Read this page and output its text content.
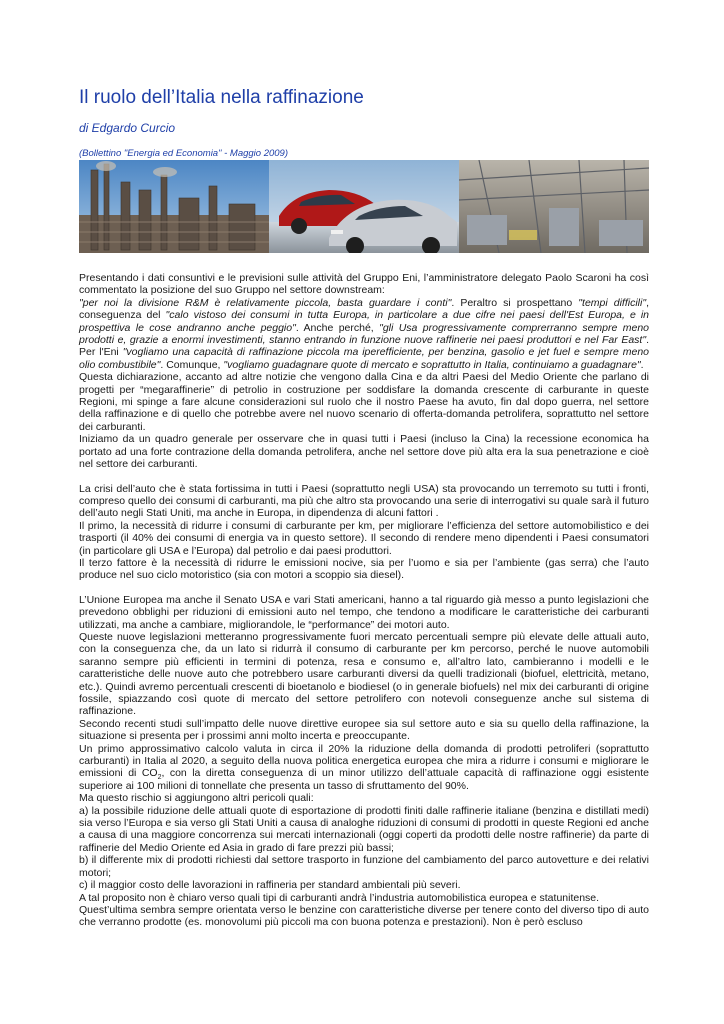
Il ruolo dell’Italia nella raffinazione
di Edgardo Curcio
(Bollettino "Energia ed Economia" - Maggio 2009)

Presentando i dati consuntivi e le previsioni sulle attività del Gruppo Eni, l’amministratore delegato Paolo Scaroni ha così commentato la posizione del suo Gruppo nel settore downstream:
"per noi la divisione R&M è relativamente piccola, basta guardare i conti". Peraltro si prospettano "tempi difficili", conseguenza del "calo vistoso dei consumi in tutta Europa, in particolare a due cifre nei paesi dell'Est Europa, e in prospettiva le cose andranno anche peggio". Anche perché, "gli Usa progressivamente comprerranno sempre meno prodotti e, grazie a enormi investimenti, stanno entrando in funzione nuove raffinerie nei paesi produttori e nel Far East". Per l'Eni "vogliamo una capacità di raffinazione piccola ma iperefficiente, per benzina, gasolio e jet fuel e sempre meno olio combustibile". Comunque, "vogliamo guadagnare quote di mercato e soprattutto in Italia, continuiamo a guadagnare".

Questa dichiarazione, accanto ad altre notizie che vengono dalla Cina e da altri Paesi del Medio Oriente che parlano di progetti per “megaraffinerie” di petrolio in costruzione per soddisfare la domanda crescente di carburante in queste Regioni, mi spinge a fare alcune considerazioni sul ruolo che il nostro Paese ha avuto, fin dal dopo guerra, nel settore della raffinazione e di quello che potrebbe avere nel nuovo scenario di offerta-domanda petrolifera, soprattutto nel settore dei carburanti.

Iniziamo da un quadro generale per osservare che in quasi tutti i Paesi (incluso la Cina) la recessione economica ha portato ad una forte contrazione della domanda petrolifera, anche nel settore dove più alta era la sua penetrazione e cioè nel settore dei carburanti.

La crisi dell’auto che è stata fortissima in tutti i Paesi (soprattutto negli USA) sta provocando un terremoto su tutti i fronti, compreso quello dei consumi di carburanti, ma più che altro sta provocando una serie di interrogativi su quale sarà il futuro dell’auto negli Stati Uniti, ma anche in Europa, in dipendenza di alcuni fattori .

Il primo, la necessità di ridurre i consumi di carburante per km, per migliorare l’efficienza del settore automobilistico e dei trasporti (il 40% dei consumi di energia va in questo settore). Il secondo di rendere meno dipendenti i Paesi consumatori (in particolare gli USA e l’Europa) dal petrolio e dai paesi produttori.

Il terzo fattore è la necessità di ridurre le emissioni nocive, sia per l’uomo e sia per l’ambiente (gas serra) che l’auto produce nel suo ciclo motoristico (sia con motori a scoppio sia diesel).

L’Unione Europea ma anche il Senato USA e vari Stati americani, hanno a tal riguardo già messo a punto legislazioni che prevedono obblighi per riduzioni di emissioni auto nel tempo, che tendono a modificare le caratteristiche dei carburanti utilizzati, ma anche a cambiare, migliorandole, le “performance” dei motori auto.

Queste nuove legislazioni metteranno progressivamente fuori mercato percentuali sempre più elevate delle attuali auto, con la conseguenza che, da un lato si ridurrà il consumo di carburante per km percorso, perché le nuove automobili saranno sempre più efficienti in termini di potenza, resa e consumo e, all’altro lato, cambieranno i modelli e le caratteristiche delle nuove auto che potrebbero usare carburanti diversi da quelli tradizionali (biofuel, elettricità, metano, etc.). Quindi avremo percentuali crescenti di bioetanolo e biodiesel (o in generale biofuels) nel mix dei carburanti di origine fossile, spiazzando così quote di mercato del settore petrolifero con notevoli conseguenze anche sul sistema di raffinazione.

Secondo recenti studi sull’impatto delle nuove direttive europee sia sul settore auto e sia su quello della raffinazione, la situazione si presenta per i prossimi anni molto incerta e preoccupante.

Un primo approssimativo calcolo valuta in circa il 20% la riduzione della domanda di prodotti petroliferi (soprattutto carburanti) in Italia al 2020, a seguito della nuova politica energetica europea che mira a ridurre i consumi e migliorare le emissioni di $CO_2$, con la diretta conseguenza di un minor utilizzo dell’attuale capacità di raffinazione oggi esistente superiore ai 100 milioni di tonnellate che presenta un tasso di sfruttamento del 90%.

Ma questo rischio si aggiungono altri pericoli quali:

a) la possibile riduzione delle attuali quote di esportazione di prodotti finiti dalle raffinerie italiane (benzina e distillati medi) sia verso l’Europa e sia verso gli Stati Uniti a causa di analoghe riduzioni di consumi di prodotti in queste Regioni ed anche a causa di una maggiore concorrenza sui mercati internazionali (oggi coperti da prodotti delle nostre raffinerie) da parte di raffinerie del Medio Oriente ed Asia in grado di fare prezzi più bassi;

b) il differente mix di prodotti richiesti dal settore trasporto in funzione del cambiamento del parco autovetture e dei relativi motori;

c) il maggior costo delle lavorazioni in raffineria per standard ambientali più severi.

A tal proposito non è chiaro verso quali tipi di carburanti andrà l’industria automobilistica europea e statunitense.

Quest’ultima sembra sempre orientata verso le benzine con caratteristiche diverse per tenere conto del diverso tipo di auto che verranno prodotte (es. monovolumi più piccoli ma con buona potenza e prestazioni). Non è però escluso
